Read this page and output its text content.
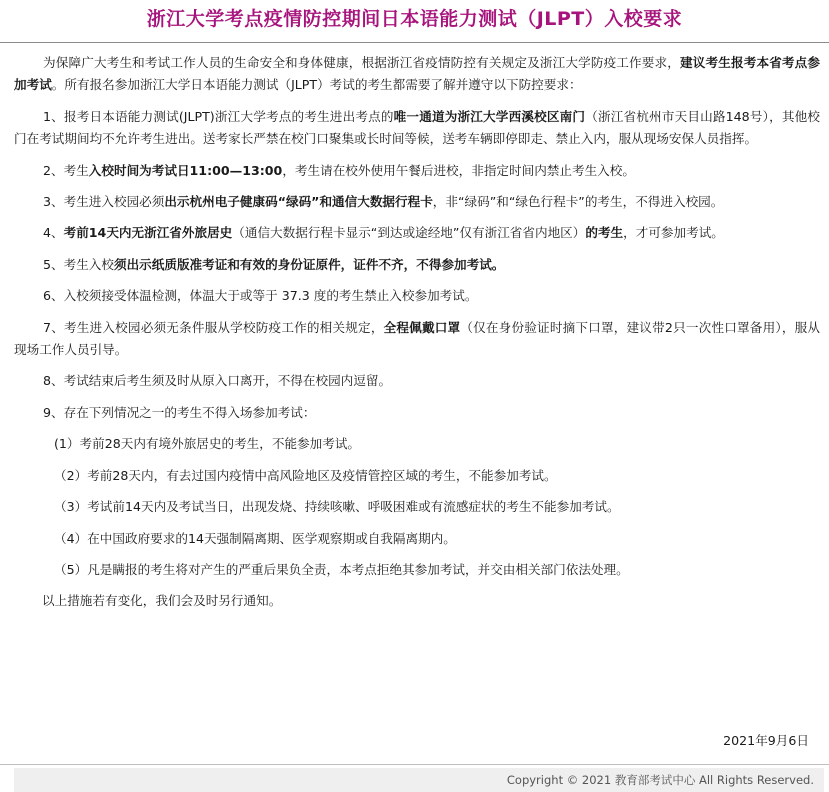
浙江大学考点疫情防控期间日本语能力测试（JLPT）入校要求

为保障广大考生和考试工作人员的生命安全和身体健康，根据浙江省疫情防控有关规定及浙江大学防疫工作要求，建议考生报考本省考点参加考试。所有报名参加浙江大学日本语能力测试（JLPT）考试的考生都需要了解并遵守以下防控要求：

1、报考日本语能力测试(JLPT)浙江大学考点的考生进出考点的唯一通道为浙江大学西溪校区南门（浙江省杭州市天目山路148号），其他校门在考试期间均不允许考生进出。送考家长严禁在校门口聚集或长时间等候，送考车辆即停即走、禁止入内，服从现场安保人员指挥。

2、考生入校时间为考试日11:00—13:00，考生请在校外使用午餐后进校，非指定时间内禁止考生入校。

3、考生进入校园必须出示杭州电子健康码“绿码”和通信大数据行程卡，非“绿码”和“绿色行程卡”的考生，不得进入校园。

4、考前14天内无浙江省外旅居史（通信大数据行程卡显示“到达或途经地”仅有浙江省省内地区）的考生，才可参加考试。

5、考生入校须出示纸质版准考证和有效的身份证原件，证件不齐，不得参加考试。

6、入校须接受体温检测，体温大于或等于 37.3 度的考生禁止入校参加考试。

7、考生进入校园必须无条件服从学校防疫工作的相关规定，全程佩戴口罩（仅在身份验证时摘下口罩，建议带2只一次性口罩备用），服从现场工作人员引导。

8、考试结束后考生须及时从原入口离开，不得在校园内逗留。

9、存在下列情况之一的考生不得入场参加考试：

(1）考前28天内有境外旅居史的考生，不能参加考试。

（2）考前28天内，有去过国内疫情中高风险地区及疫情管控区域的考生，不能参加考试。

（3）考试前14天内及考试当日，出现发烧、持续咳嗽、呼吸困难或有流感症状的考生不能参加考试。

（4）在中国政府要求的14天强制隔离期、医学观察期或自我隔离期内。

（5）凡是瞒报的考生将对产生的严重后果负全责，本考点拒绝其参加考试，并交由相关部门依法处理。

以上措施若有变化，我们会及时另行通知。

2021年9月6日
Copyright © 2021 教育部考试中心 All Rights Reserved.
